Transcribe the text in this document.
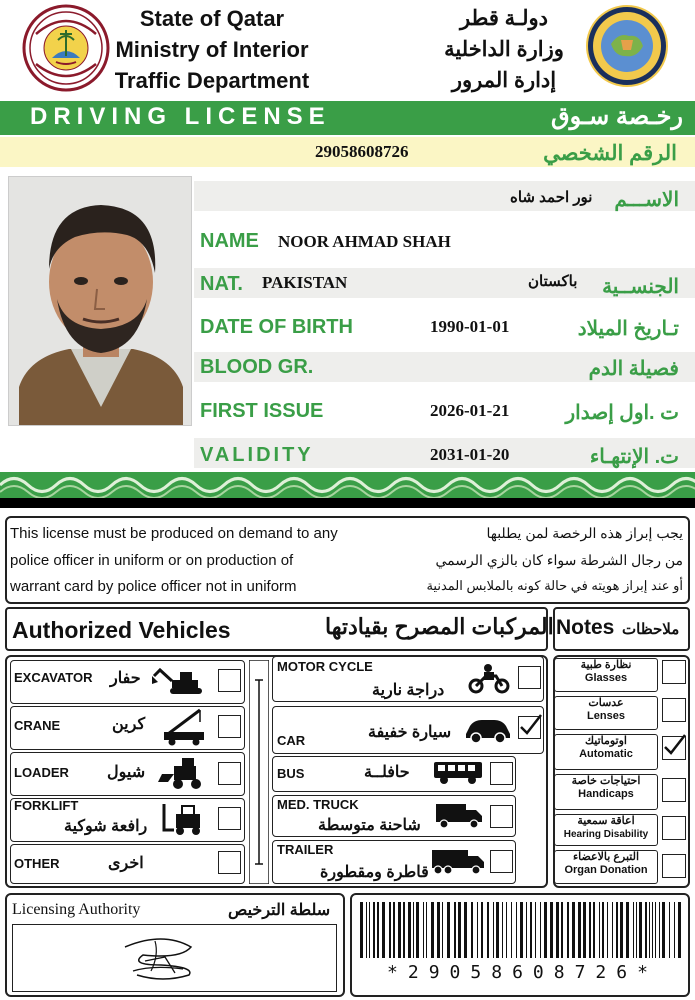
State of Qatar
Ministry of Interior
Traffic Department
دولـة قطر
وزارة الداخلية
إدارة المرور
DRIVING LICENSE	رخـصة سـوق
29058608726	الرقم الشخصي
نور احمد شاه الاســـم
NAME NOOR AHMAD SHAH
NAT. PAKISTAN	باكستان الجنســية
DATE OF BIRTH	1990-01-01	تـاريخ الميلاد
BLOOD GR.	فصيلة الدم
FIRST ISSUE	2026-01-21	ت .اول إصدار
VALIDITY	2031-01-20	ت. الإنتهـاء
This license must be produced on demand to any
police officer in uniform or on production of
warrant card by police officer not in uniform
يجب إبراز هذه الرخصة لمن يطلبها
من رجال الشرطة سواء كان بالزي الرسمي
أو عند إبراز هويته في حالة كونه بالملابس المدنية
Authorized Vehicles	المركبات المصرح بقيادتها Notes ملاحظات
EXCAVATOR حفار
CRANE	كرين
LOADER شيول
FORKLIFT
رافعة شوكية
OTHER	اخرى
MOTOR CYCLE
دراجة نارية
CAR	سيارة خفيفة
BUS	حافلــة
MED. TRUCK
شاحنة متوسطة
TRAILER
قاطرة ومقطورة
نظارة طبية
Glasses
عدسات
Lenses
اوتوماتيك
Automatic
احتياجات خاصة
Handicaps
اعاقة سمعية
Hearing Disability
التبرع بالاعضاء
Organ Donation
Licensing Authority	سلطة الترخيص
*29058608726*
